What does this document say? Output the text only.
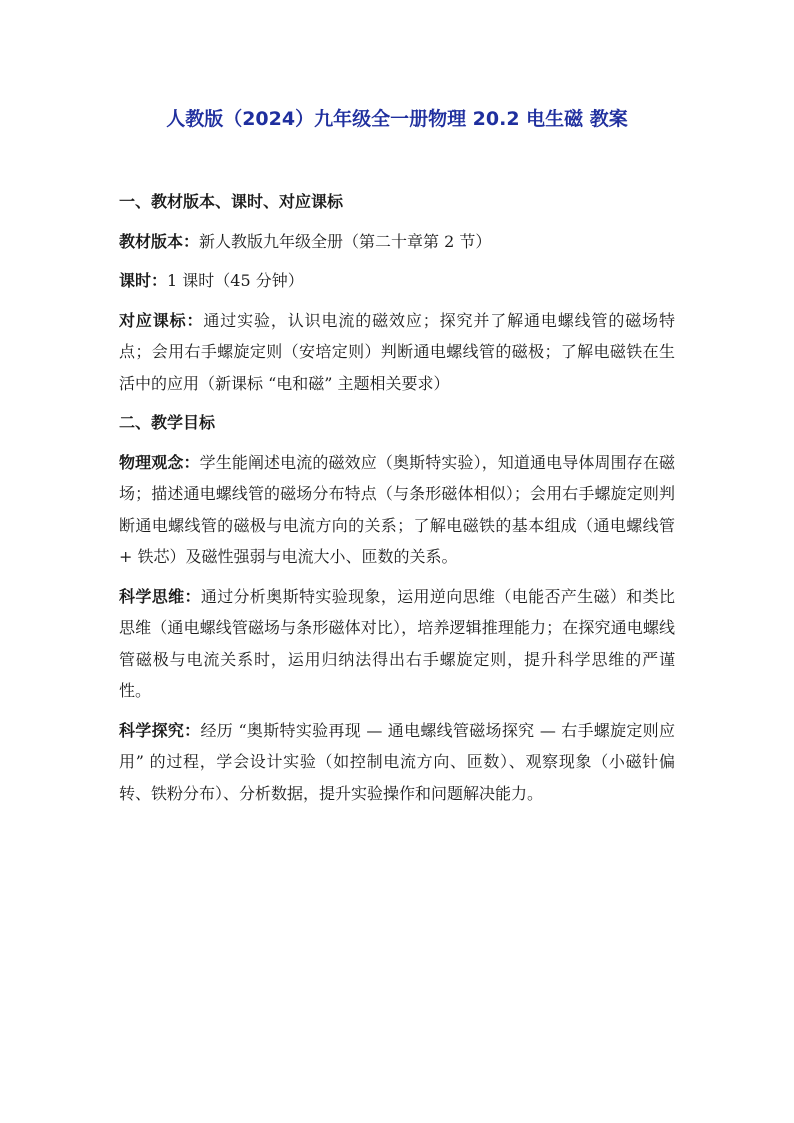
人教版（2024）九年级全一册物理 20.2 电生磁 教案
一、教材版本、课时、对应课标

教材版本：新人教版九年级全册（第二十章第 2 节）

课时：1 课时（45 分钟）

对应课标：通过实验，认识电流的磁效应；探究并了解通电螺线管的磁场特点；会用右手螺旋定则（安培定则）判断通电螺线管的磁极；了解电磁铁在生活中的应用（新课标 “电和磁” 主题相关要求）

二、教学目标

物理观念：学生能阐述电流的磁效应（奥斯特实验），知道通电导体周围存在磁场；描述通电螺线管的磁场分布特点（与条形磁体相似）；会用右手螺旋定则判断通电螺线管的磁极与电流方向的关系；了解电磁铁的基本组成（通电螺线管 + 铁芯）及磁性强弱与电流大小、匝数的关系。

科学思维：通过分析奥斯特实验现象，运用逆向思维（电能否产生磁）和类比思维（通电螺线管磁场与条形磁体对比），培养逻辑推理能力；在探究通电螺线管磁极与电流关系时，运用归纳法得出右手螺旋定则，提升科学思维的严谨性。

科学探究：经历 “奥斯特实验再现 — 通电螺线管磁场探究 — 右手螺旋定则应用” 的过程，学会设计实验（如控制电流方向、匝数）、观察现象（小磁针偏转、铁粉分布）、分析数据，提升实验操作和问题解决能力。
